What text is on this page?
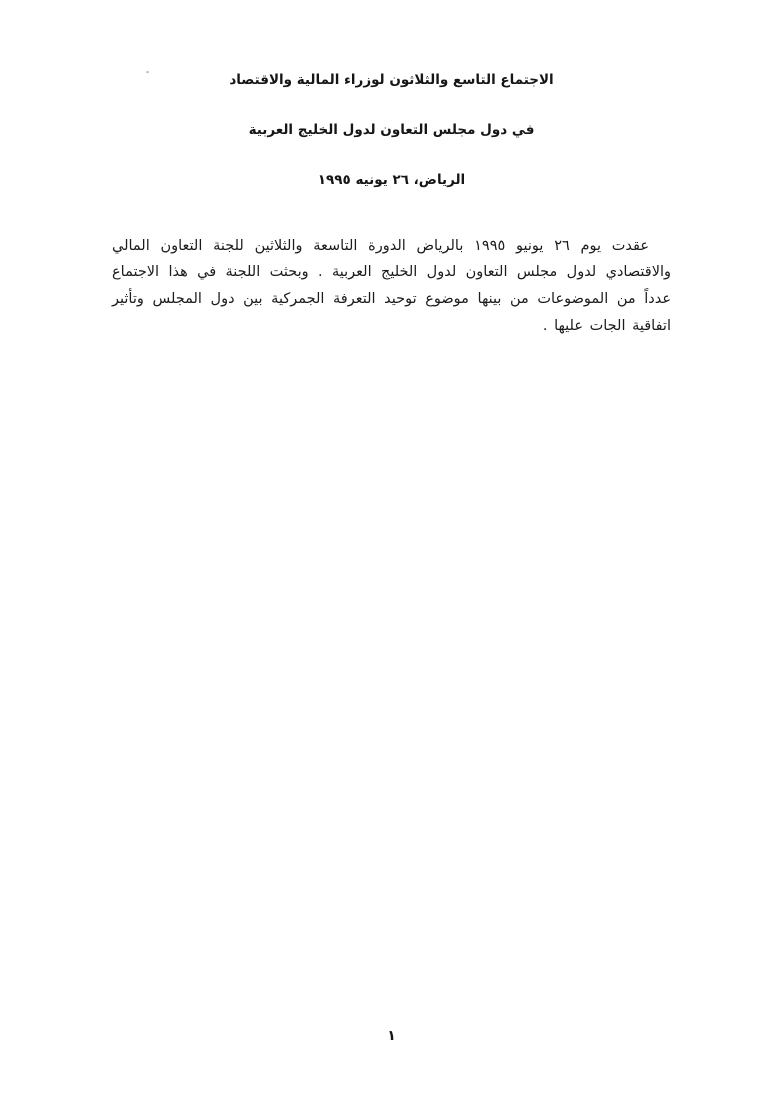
الاجتماع التاسع والثلاثون لوزراء المالية والاقتصاد
في دول مجلس التعاون لدول الخليج العربية
الرياض، ٢٦ يونيه ١٩٩٥

عقدت يوم ٢٦ يونيو ١٩٩٥ بالرياض الدورة التاسعة والثلاثين للجنة التعاون المالي والاقتصادي لدول مجلس التعاون لدول الخليج العربية . وبحثت اللجنة في هذا الاجتماع عدداً من الموضوعات من بينها موضوع توحيد التعرفة الجمركية بين دول المجلس وتأثير اتفاقية الجات عليها .

١
